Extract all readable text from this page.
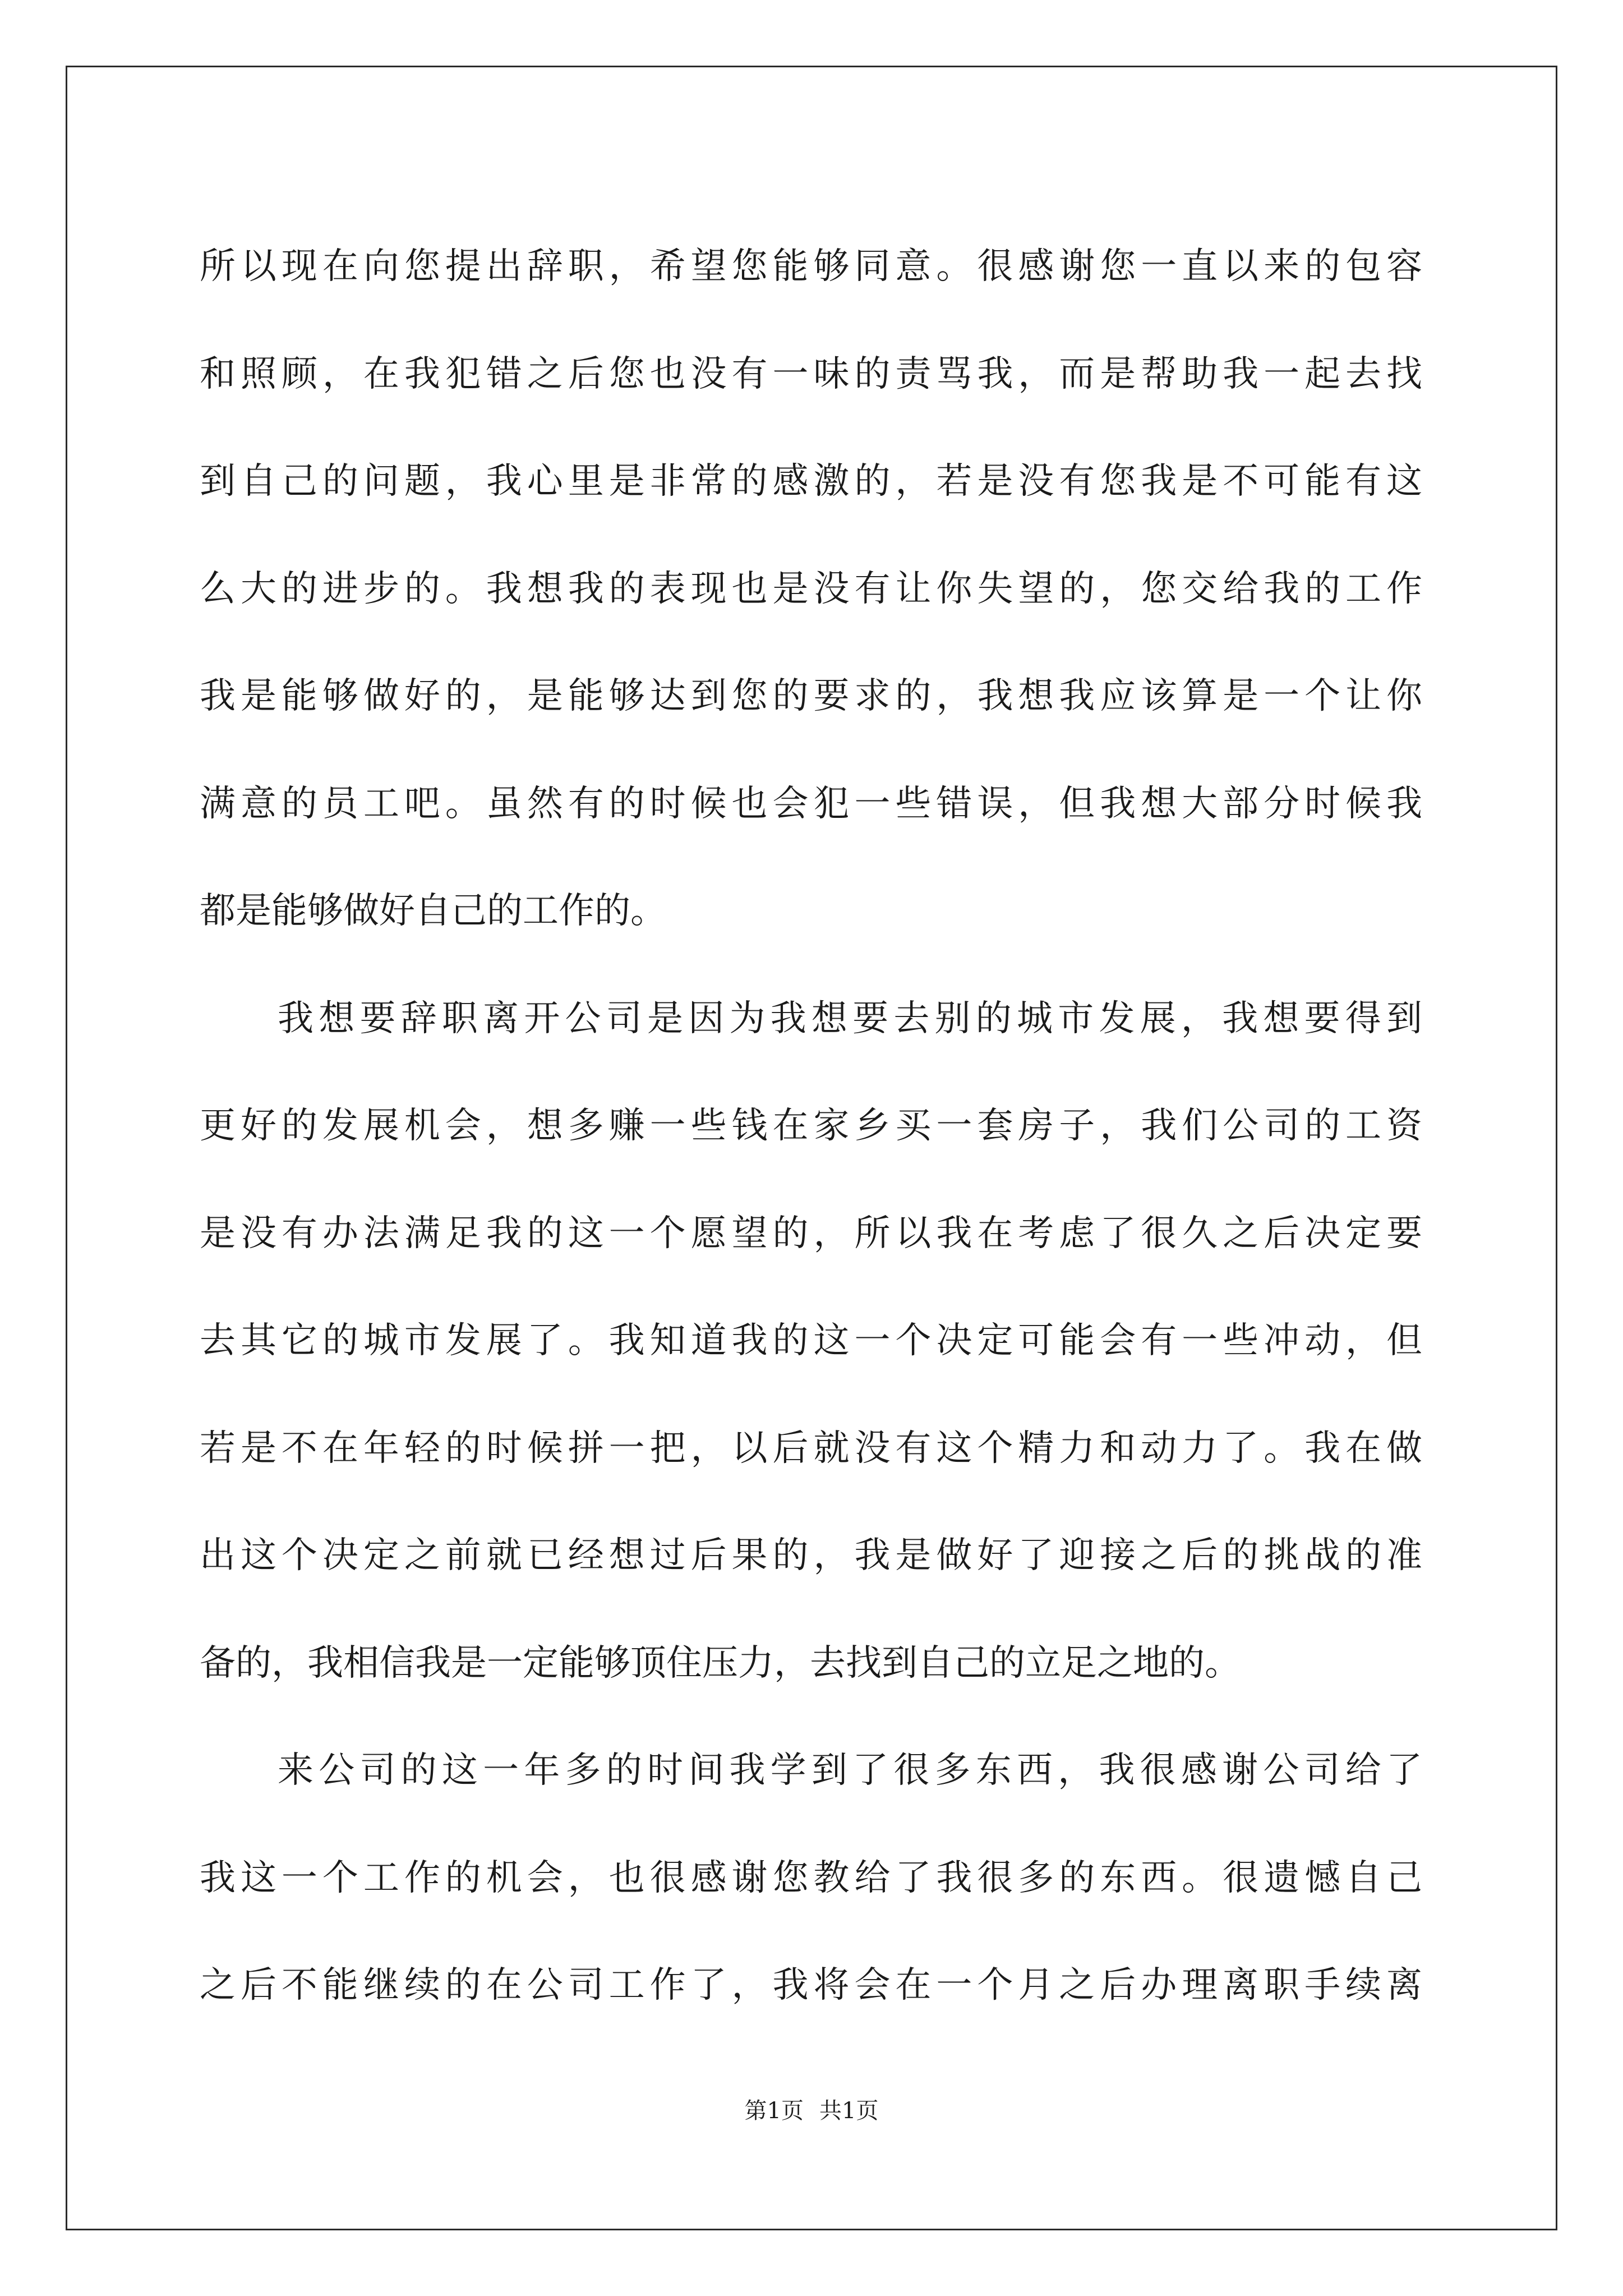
所以现在向您提出辞职，希望您能够同意。很感谢您一直以来的包容
和照顾，在我犯错之后您也没有一味的责骂我，而是帮助我一起去找
到自己的问题，我心里是非常的感激的，若是没有您我是不可能有这
么大的进步的。我想我的表现也是没有让你失望的，您交给我的工作
我是能够做好的，是能够达到您的要求的，我想我应该算是一个让你
满意的员工吧。虽然有的时候也会犯一些错误，但我想大部分时候我
都是能够做好自己的工作的。
我想要辞职离开公司是因为我想要去别的城市发展，我想要得到
更好的发展机会，想多赚一些钱在家乡买一套房子，我们公司的工资
是没有办法满足我的这一个愿望的，所以我在考虑了很久之后决定要
去其它的城市发展了。我知道我的这一个决定可能会有一些冲动，但
若是不在年轻的时候拼一把，以后就没有这个精力和动力了。我在做
出这个决定之前就已经想过后果的，我是做好了迎接之后的挑战的准
备的，我相信我是一定能够顶住压力，去找到自己的立足之地的。
来公司的这一年多的时间我学到了很多东西，我很感谢公司给了
我这一个工作的机会，也很感谢您教给了我很多的东西。很遗憾自己
之后不能继续的在公司工作了，我将会在一个月之后办理离职手续离
第1页 共1页
